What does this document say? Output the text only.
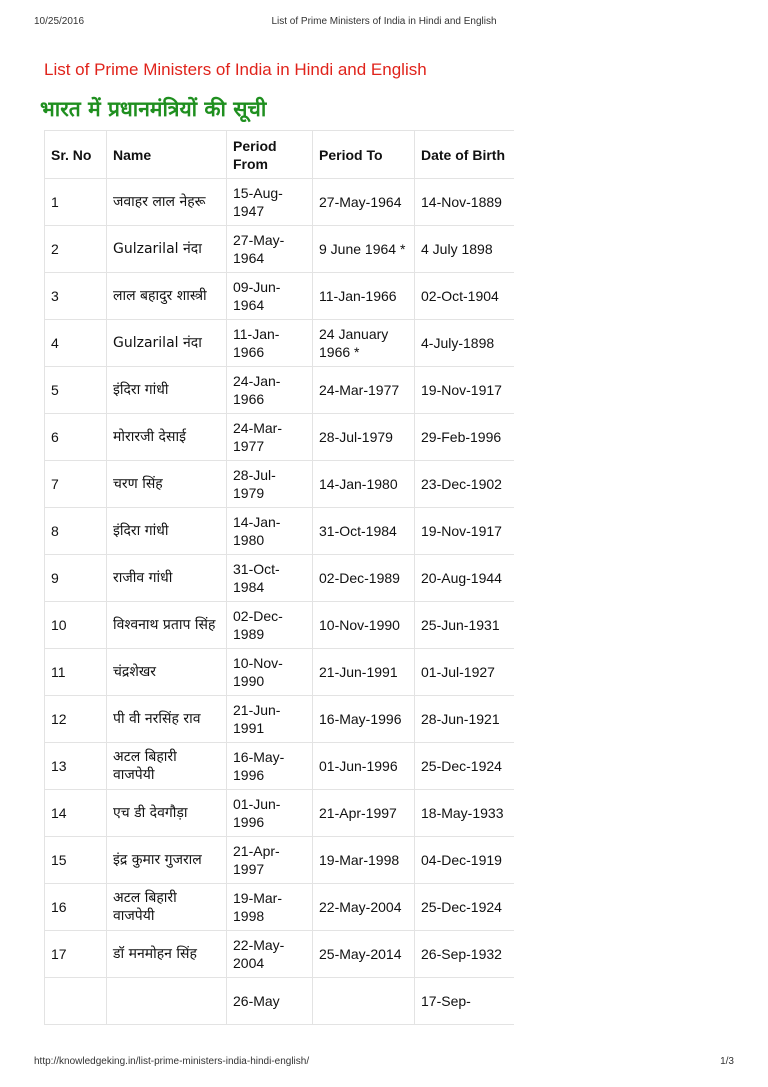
10/25/2016	List of Prime Ministers of India in Hindi and English
List of Prime Ministers of India in Hindi and English
भारत में प्रधानमंत्रियों की सूची
Sr. No	Name	Period From	Period To	Date of Birth
1	जवाहर लाल नेहरू	15-Aug-1947	27-May-1964	14-Nov-1889
2	Gulzarilal नंदा	27-May-1964	9 June 1964 *	4 July 1898
3	लाल बहादुर शास्त्री	09-Jun-1964	11-Jan-1966	02-Oct-1904
4	Gulzarilal नंदा	11-Jan-1966	24 January 1966 *	4-July-1898
5	इंदिरा गांधी	24-Jan-1966	24-Mar-1977	19-Nov-1917
6	मोरारजी देसाई	24-Mar-1977	28-Jul-1979	29-Feb-1996
7	चरण सिंह	28-Jul-1979	14-Jan-1980	23-Dec-1902
8	इंदिरा गांधी	14-Jan-1980	31-Oct-1984	19-Nov-1917
9	राजीव गांधी	31-Oct-1984	02-Dec-1989	20-Aug-1944
10	विश्वनाथ प्रताप सिंह	02-Dec-1989	10-Nov-1990	25-Jun-1931
11	चंद्रशेखर	10-Nov-1990	21-Jun-1991	01-Jul-1927
12	पी वी नरसिंह राव	21-Jun-1991	16-May-1996	28-Jun-1921
13	अटल बिहारी वाजपेयी	16-May-1996	01-Jun-1996	25-Dec-1924
14	एच डी देवगौड़ा	01-Jun-1996	21-Apr-1997	18-May-1933
15	इंद्र कुमार गुजराल	21-Apr-1997	19-Mar-1998	04-Dec-1919
16	अटल बिहारी वाजपेयी	19-Mar-1998	22-May-2004	25-Dec-1924
17	डॉ मनमोहन सिंह	22-May-2004	25-May-2014	26-Sep-1932
		26-May		17-Sep-
http://knowledgeking.in/list-prime-ministers-india-hindi-english/	1/3
